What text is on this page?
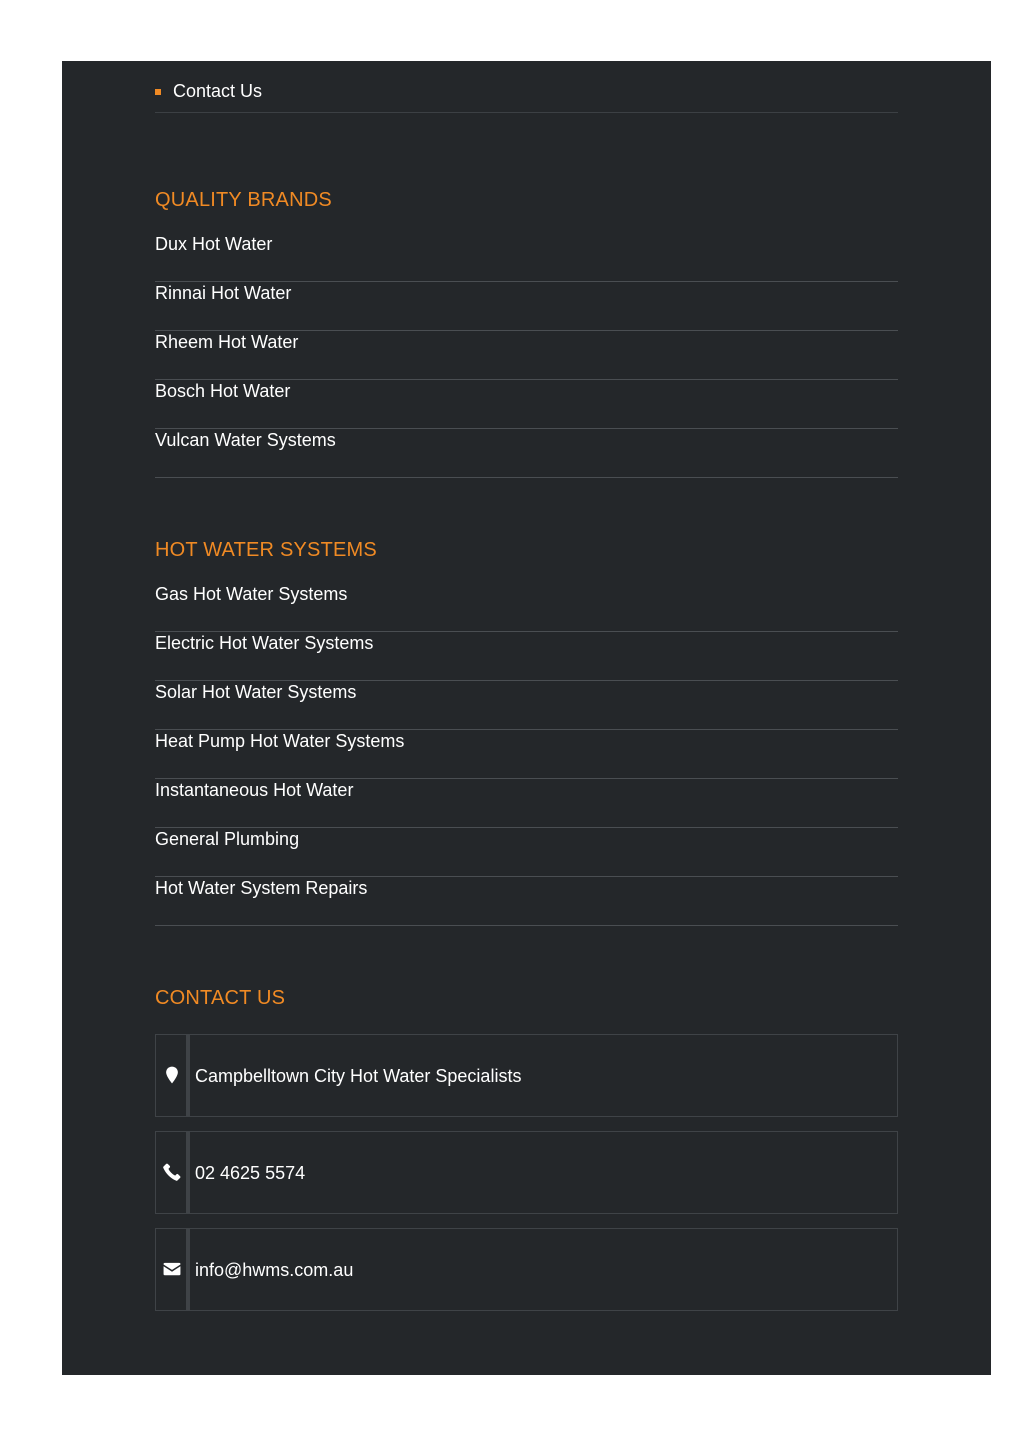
Contact Us
QUALITY BRANDS
Dux Hot Water
Rinnai Hot Water
Rheem Hot Water
Bosch Hot Water
Vulcan Water Systems
HOT WATER SYSTEMS
Gas Hot Water Systems
Electric Hot Water Systems
Solar Hot Water Systems
Heat Pump Hot Water Systems
Instantaneous Hot Water
General Plumbing
Hot Water System Repairs
CONTACT US
Campbelltown City Hot Water Specialists
02 4625 5574
info@hwms.com.au
